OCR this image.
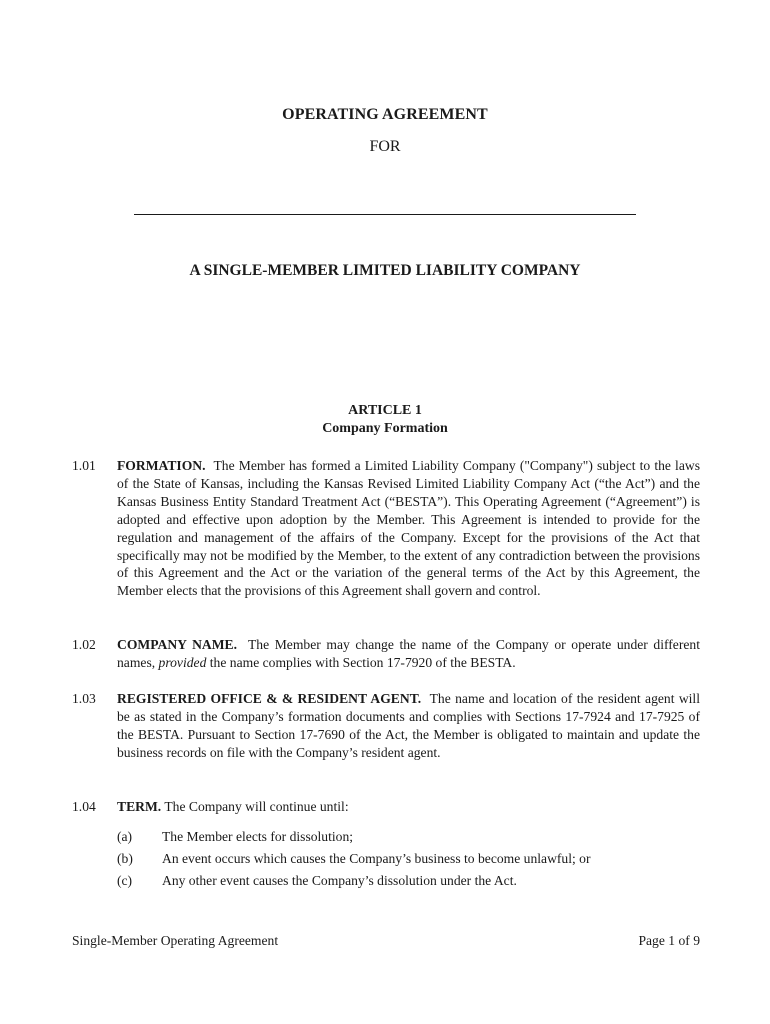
OPERATING AGREEMENT
FOR
A SINGLE-MEMBER LIMITED LIABILITY COMPANY
ARTICLE 1
Company Formation
1.01 FORMATION. The Member has formed a Limited Liability Company ("Company") subject to the laws of the State of Kansas, including the Kansas Revised Limited Liability Company Act (“the Act”) and the Kansas Business Entity Standard Treatment Act (“BESTA”). This Operating Agreement (“Agreement”) is adopted and effective upon adoption by the Member. This Agreement is intended to provide for the regulation and management of the affairs of the Company. Except for the provisions of the Act that specifically may not be modified by the Member, to the extent of any contradiction between the provisions of this Agreement and the Act or the variation of the general terms of the Act by this Agreement, the Member elects that the provisions of this Agreement shall govern and control.
1.02 COMPANY NAME. The Member may change the name of the Company or operate under different names, provided the name complies with Section 17-7920 of the BESTA.
1.03 REGISTERED OFFICE & & RESIDENT AGENT. The name and location of the resident agent will be as stated in the Company’s formation documents and complies with Sections 17-7924 and 17-7925 of the BESTA. Pursuant to Section 17-7690 of the Act, the Member is obligated to maintain and update the business records on file with the Company’s resident agent.
1.04 TERM. The Company will continue until:
(a) The Member elects for dissolution;
(b) An event occurs which causes the Company’s business to become unlawful; or
(c) Any other event causes the Company’s dissolution under the Act.
Single-Member Operating Agreement	Page 1 of 9
